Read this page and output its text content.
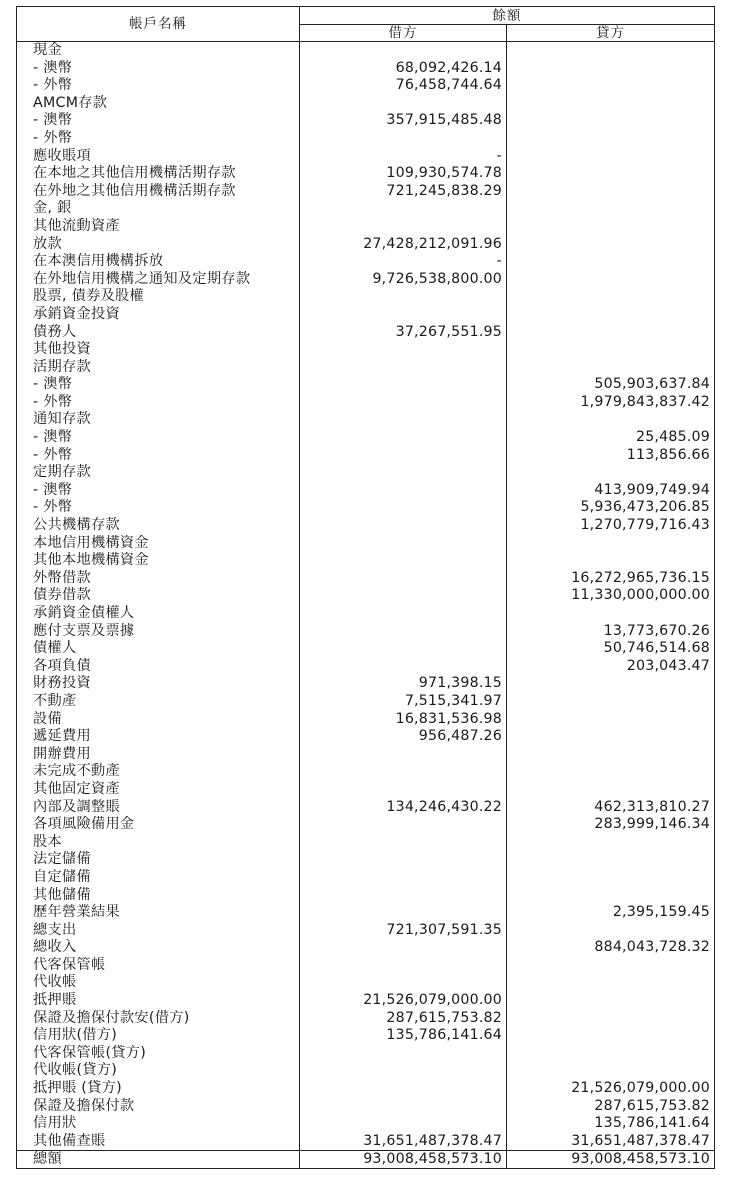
帳戶名稱	餘額	
	借方	貸方
現金		
- 澳幣	68,092,426.14	
- 外幣	76,458,744.64	
AMCM存款		
- 澳幣	357,915,485.48	
- 外幣		
應收賬項	-	
在本地之其他信用機構活期存款	109,930,574.78	
在外地之其他信用機構活期存款	721,245,838.29	
金, 銀		
其他流動資產		
放款	27,428,212,091.96	
在本澳信用機構拆放	-	
在外地信用機構之通知及定期存款	9,726,538,800.00	
股票, 債券及股權		
承銷資金投資		
債務人	37,267,551.95	
其他投資		
活期存款		
- 澳幣		505,903,637.84
- 外幣		1,979,843,837.42
通知存款		
- 澳幣		25,485.09
- 外幣		113,856.66
定期存款		
- 澳幣		413,909,749.94
- 外幣		5,936,473,206.85
公共機構存款		1,270,779,716.43
本地信用機構資金		
其他本地機構資金		
外幣借款		16,272,965,736.15
債券借款		11,330,000,000.00
承銷資金債權人		
應付支票及票據		13,773,670.26
債權人		50,746,514.68
各項負債		203,043.47
財務投資	971,398.15	
不動產	7,515,341.97	
設備	16,831,536.98	
遞延費用	956,487.26	
開辦費用		
未完成不動產		
其他固定資產		
內部及調整賬	134,246,430.22	462,313,810.27
各項風險備用金		283,999,146.34
股本		
法定儲備		
自定儲備		
其他儲備		
歷年營業結果		2,395,159.45
總支出	721,307,591.35	
總收入		884,043,728.32
代客保管帳		
代收帳		
抵押賬	21,526,079,000.00	
保證及擔保付款安(借方)	287,615,753.82	
信用狀(借方)	135,786,141.64	
代客保管帳(貸方)		
代收帳(貸方)		
抵押賬 (貸方)		21,526,079,000.00
保證及擔保付款		287,615,753.82
信用狀		135,786,141.64
其他備查賬	31,651,487,378.47	31,651,487,378.47
總額	93,008,458,573.10	93,008,458,573.10
